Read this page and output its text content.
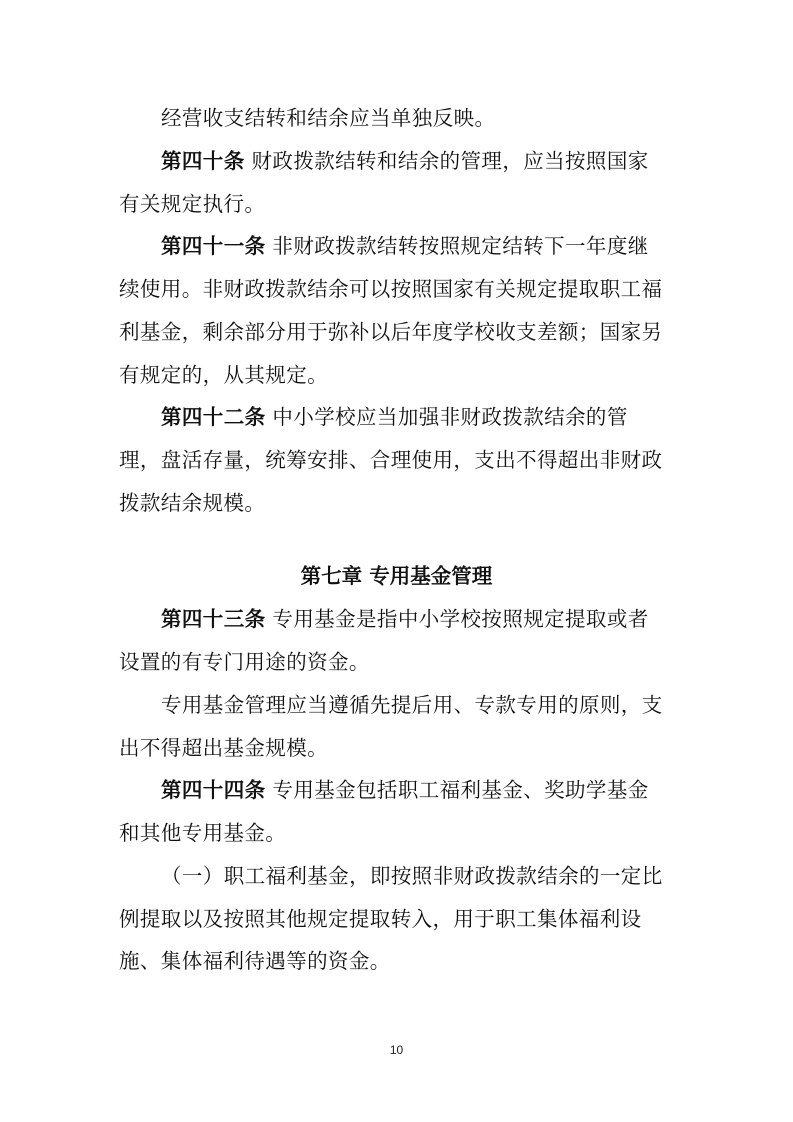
经营收支结转和结余应当单独反映。
第四十条 财政拨款结转和结余的管理，应当按照国家
有关规定执行。
第四十一条 非财政拨款结转按照规定结转下一年度继
续使用。非财政拨款结余可以按照国家有关规定提取职工福
利基金，剩余部分用于弥补以后年度学校收支差额；国家另
有规定的，从其规定。
第四十二条 中小学校应当加强非财政拨款结余的管
理，盘活存量，统筹安排、合理使用，支出不得超出非财政
拨款结余规模。
第七章 专用基金管理
第四十三条 专用基金是指中小学校按照规定提取或者
设置的有专门用途的资金。
专用基金管理应当遵循先提后用、专款专用的原则，支
出不得超出基金规模。
第四十四条 专用基金包括职工福利基金、奖助学基金
和其他专用基金。
（一）职工福利基金，即按照非财政拨款结余的一定比
例提取以及按照其他规定提取转入，用于职工集体福利设
施、集体福利待遇等的资金。
10
